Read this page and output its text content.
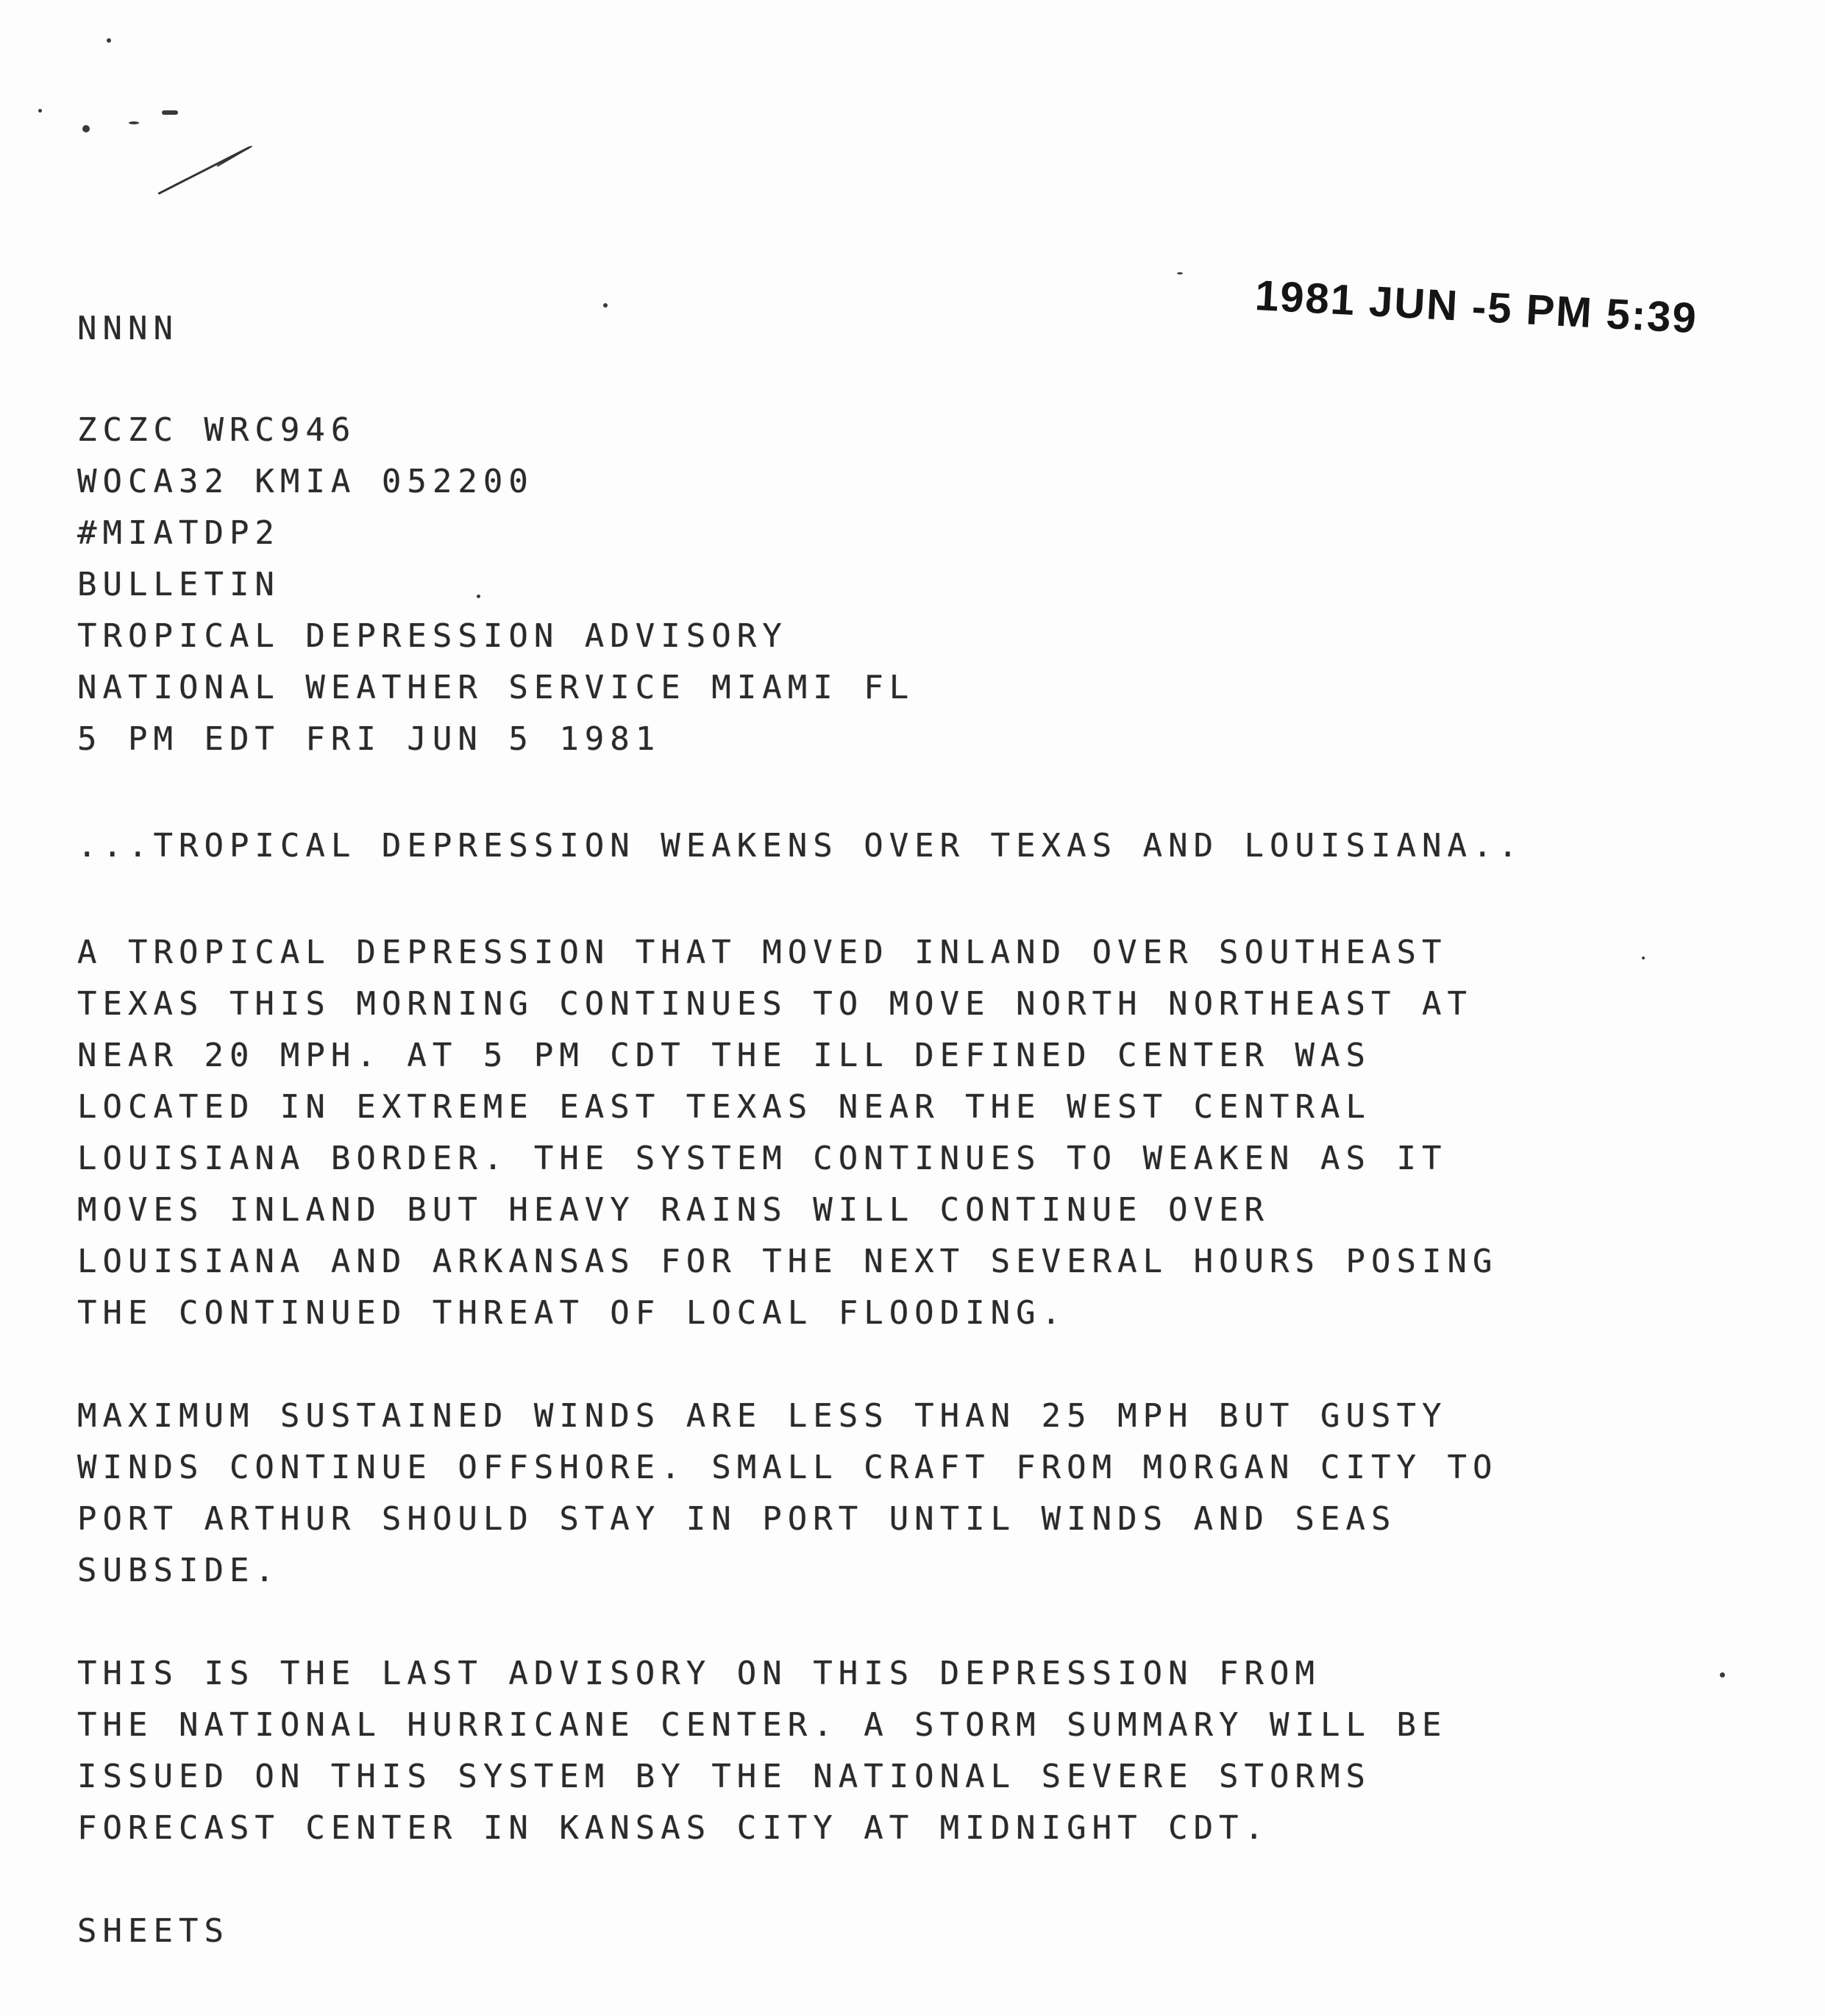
NNNN	1981 JUN -5 PM 5:39

ZCZC WRC946

WOCA32 KMIA 052200

#MIATDP2

BULLETIN

TROPICAL DEPRESSION ADVISORY

NATIONAL WEATHER SERVICE MIAMI FL

5 PM EDT FRI JUN 5 1981

...TROPICAL DEPRESSION WEAKENS OVER TEXAS AND LOUISIANA..

A TROPICAL DEPRESSION THAT MOVED INLAND OVER SOUTHEAST

TEXAS THIS MORNING CONTINUES TO MOVE NORTH NORTHEAST AT

NEAR 20 MPH. AT 5 PM CDT THE ILL DEFINED CENTER WAS

LOCATED IN EXTREME EAST TEXAS NEAR THE WEST CENTRAL

LOUISIANA BORDER. THE SYSTEM CONTINUES TO WEAKEN AS IT

MOVES INLAND BUT HEAVY RAINS WILL CONTINUE OVER

LOUISIANA AND ARKANSAS FOR THE NEXT SEVERAL HOURS POSING

THE CONTINUED THREAT OF LOCAL FLOODING.

MAXIMUM SUSTAINED WINDS ARE LESS THAN 25 MPH BUT GUSTY

WINDS CONTINUE OFFSHORE. SMALL CRAFT FROM MORGAN CITY TO

PORT ARTHUR SHOULD STAY IN PORT UNTIL WINDS AND SEAS

SUBSIDE.

THIS IS THE LAST ADVISORY ON THIS DEPRESSION FROM

THE NATIONAL HURRICANE CENTER. A STORM SUMMARY WILL BE

ISSUED ON THIS SYSTEM BY THE NATIONAL SEVERE STORMS

FORECAST CENTER IN KANSAS CITY AT MIDNIGHT CDT.

SHEETS
